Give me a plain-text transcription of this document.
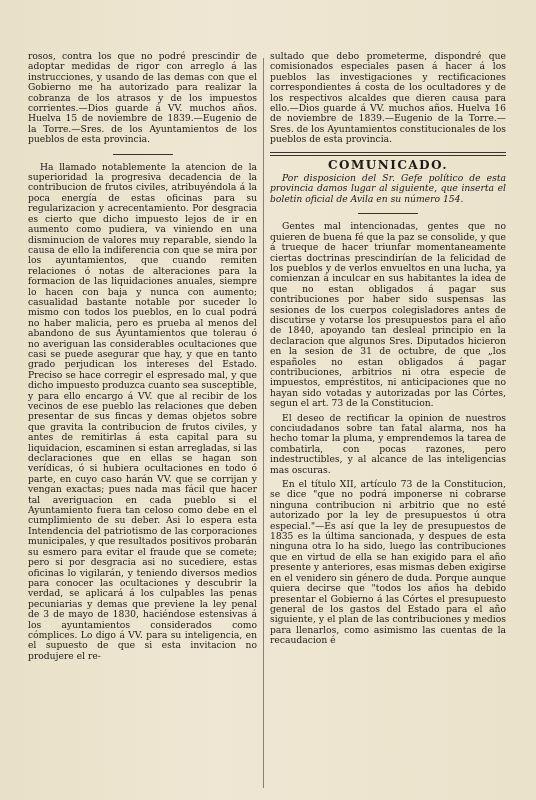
rosos, contra los que no podré prescindir de adoptar medidas de rigor con arreglo á las instrucciones, y usando de las demas con que el Gobierno me ha autorizado para realizar la cobranza de los atrasos y de los impuestos corrientes.—Dios guarde á VV. muchos años. Huelva 15 de noviembre de 1839.—Eugenio de la Torre.—Sres. de los Ayuntamientos de los pueblos de esta provincia.

Ha llamado notablemente la atencion de la superioridad la progresiva decadencia de la contribucion de frutos civiles, atribuyéndola á la poca energía de estas oficinas para su regularizacion y acrecentamiento. Por desgracia es cierto que dicho impuesto lejos de ir en aumento como pudiera, va viniendo en una disminucion de valores muy reparable, siendo la causa de ello la indiferencia con que se mira por los ayuntamientos, que cuando remiten relaciones ó notas de alteraciones para la formacion de las liquidaciones anuales, siempre lo hacen con baja y nunca con aumento; casualidad bastante notable por suceder lo mismo con todos los pueblos, en lo cual podrá no haber malicia, pero es prueba al menos del abandono de sus Ayuntamientos que tolerau ó no averiguan las considerables ocultaciones que casi se puede asegurar que hay, y que en tanto grado perjudican los intereses del Estado. Preciso se hace corregir el espresado mal, y que dicho impuesto produzca cuanto sea susceptible, y para ello encargo á VV. que al recibir de los vecinos de ese pueblo las relaciones que deben presentar de sus fincas y demas objetos sobre que gravita la contribucion de frutos civiles, y antes de remitirlas á esta capital para su liquidacion, escaminen si estan arregladas, si las declaraciones que en ellas se hagan son verídicas, ó si hubiera ocultaciones en todo ó parte, en cuyo caso harán VV. que se corrijan y vengan exactas; pues nada mas fácil que hacer tal averiguacion en cada pueblo si el Ayuntamiento fuera tan celoso como debe en el cumplimiento de su deber. Asi lo espera esta Intendencia del patriotismo de las corporaciones municipales, y que resultados positivos probarán su esmero para evitar el fraude que se comete; pero si por desgracia asi no sucediere, estas oficinas lo vigilarán, y teniendo diversos medios para conocer las ocultaciones y descubrir la verdad, se aplicará á los culpables las penas pecuniarias y demas que previene la ley penal de 3 de mayo de 1830, haciéndose estensivas á los ayuntamientos considerados como cómplices. Lo digo á VV. para su inteligencia, en el supuesto de que si esta invitacion no produjere el re-

sultado que debo prometerme, dispondré que comisionados especiales pasen á hacer á los pueblos las investigaciones y rectificaciones correspondientes á costa de los ocultadores y de los respectivos alcaldes que dieren causa para ello.—Dios guarde á VV. muchos años. Huelva 16 de noviembre de 1839.—Eugenio de la Torre.—Sres. de los Ayuntamientos constitucionales de los pueblos de esta provincia.

COMUNICADO.

Por disposicion del Sr. Gefe político de esta provincia damos lugar al siguiente, que inserta el boletin oficial de Avila en su número 154.

Gentes mal intencionadas, gentes que no quieren de buena fé que la paz se consolide, y que á trueque de hacer triunfar momentaneamente ciertas doctrinas prescindirían de la felicidad de los pueblos y de verlos envueltos en una lucha, ya comienzan á inculcar en sus habitantes la idea de que no estan obligados á pagar sus contribuciones por haber sido suspensas las sesiones de los cuerpos colegisladores antes de discutirse y votarse los presupuestos para el año de 1840, apoyando tan desleal principio en la declaracion que algunos Sres. Diputados hicieron en la sesion de 31 de octubre, de que „los españoles no estan obligados á pagar contribuciones, arbitrios ni otra especie de impuestos, empréstitos, ni anticipaciones que no hayan sido votadas y autorizadas por las Córtes, segun el art. 73 de la Constitucion.

El deseo de rectificar la opinion de nuestros conciudadanos sobre tan fatal alarma, nos ha hecho tomar la pluma, y emprendemos la tarea de combatirla, con pocas razones, pero indestructibles, y al alcance de las inteligencias mas oscuras.

En el título XII, artículo 73 de la Constitucion, se dice "que no podrá imponerse ni cobrarse ninguna contribucion ni arbitrio que no esté autorizado por la ley de presupuestos ú otra especial."—Es así que la ley de presupuestos de 1835 es la última sancionada, y despues de esta ninguna otra lo ha sido, luego las contribuciones que en virtud de ella se han exigido para el año presente y anteriores, esas mismas deben exigirse en el venidero sin género de duda. Porque aunque quiera decirse que "todos los años ha debido presentar el Gobierno á las Córtes el presupuesto general de los gastos del Estado para el año siguiente, y el plan de las contribuciones y medios para llenarlos, como asimismo las cuentas de la recaudacion é
